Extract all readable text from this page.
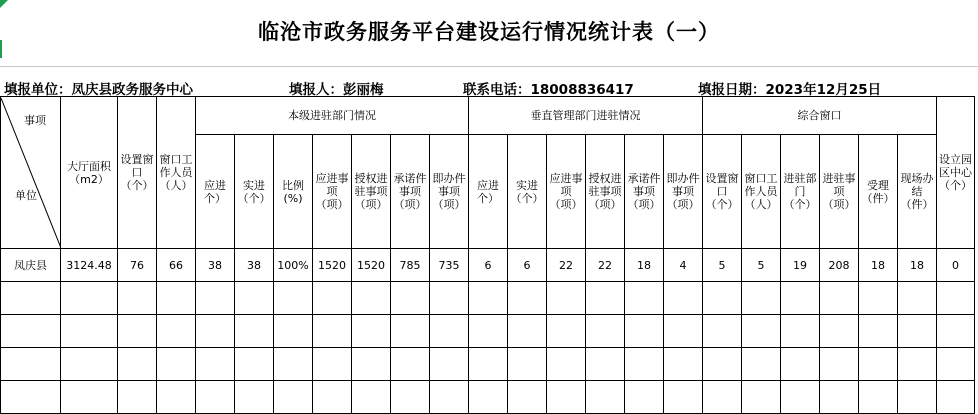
临沧市政务服务平台建设运行情况统计表（一）
填报单位：凤庆县政务服务中心	填报人：彭丽梅	联系电话：18008836417	填报日期：2023年12月25日
事项
单位	大厅面积（m2）	设置窗口（个）	窗口工作人员（人）	本级进驻部门情况							垂直管理部门进驻情况						综合窗口						设立园区中心（个）
				应进个）	实进（个）	比例(%)	应进事项（项）	授权进驻事项（项）	承诺件事项（项）	即办件事项（项）	应进个）	实进（个）	应进事项（项）	授权进驻事项（项）	承诺件事项（项）	即办件事项（项）	设置窗口（个）	窗口工作人员（人）	进驻部门（个）	进驻事项（项）	受理（件）	现场办结（件）	
凤庆县	3124.48	76	66	38	38	100%	1520	1520	785	735	6	6	22	22	18	4	5	5	19	208	18	18	0
